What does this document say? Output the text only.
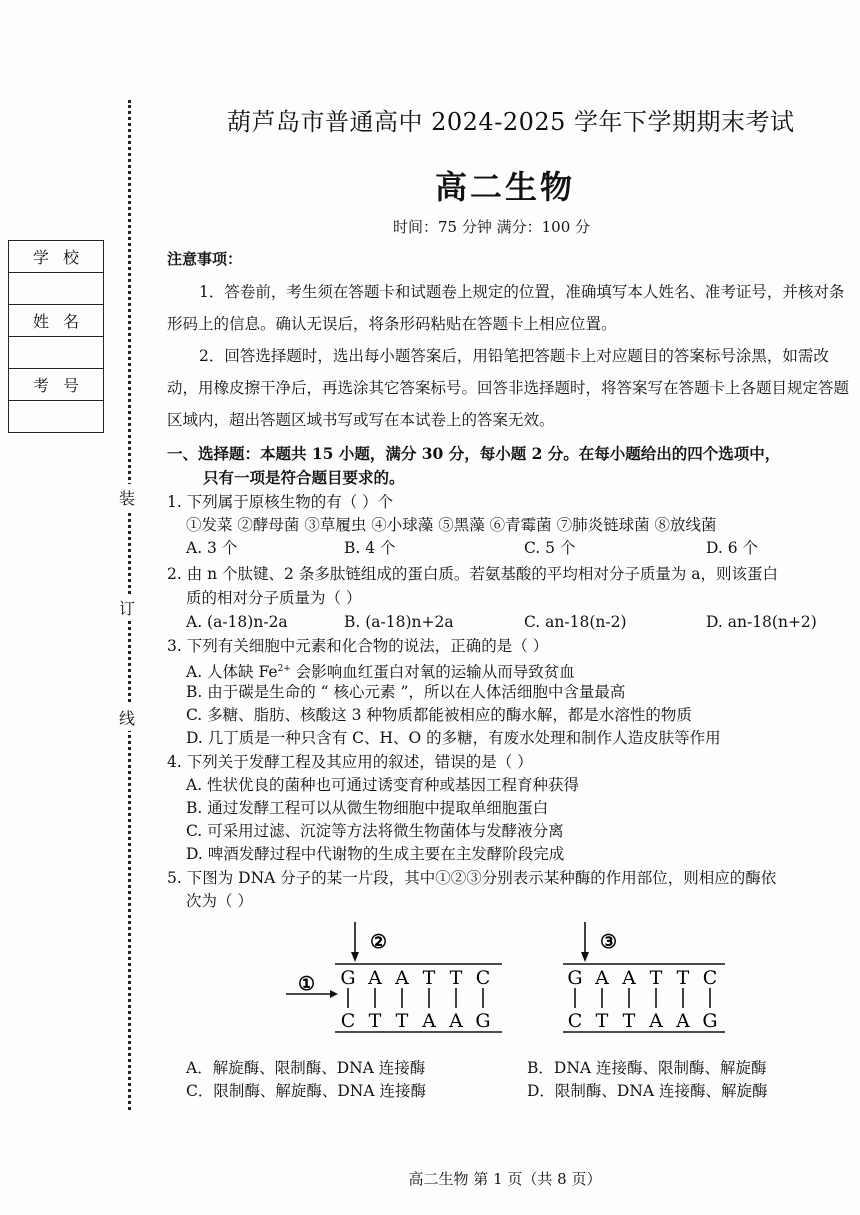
装
订
线
学校

姓名

考号

葫芦岛市普通高中 2024-2025 学年下学期期末考试
高二生物
时间：75 分钟 满分：100 分
注意事项：
1．答卷前，考生须在答题卡和试题卷上规定的位置，准确填写本人姓名、准考证号，并核对条形码上的信息。确认无误后，将条形码粘贴在答题卡上相应位置。
2．回答选择题时，选出每小题答案后，用铅笔把答题卡上对应题目的答案标号涂黑，如需改动，用橡皮擦干净后，再选涂其它答案标号。回答非选择题时，将答案写在答题卡上各题目规定答题区域内，超出答题区域书写或写在本试卷上的答案无效。
一、选择题：本题共 15 小题，满分 30 分，每小题 2 分。在每小题给出的四个选项中，
只有一项是符合题目要求的。
1. 下列属于原核生物的有（ ）个
①发菜 ②酵母菌 ③草履虫 ④小球藻 ⑤黑藻 ⑥青霉菌 ⑦肺炎链球菌 ⑧放线菌
A. 3 个	B. 4 个	C. 5 个	D. 6 个
2. 由 n 个肽键、2 条多肽链组成的蛋白质。若氨基酸的平均相对分子质量为 a，则该蛋白
质的相对分子质量为（ ）
A. (a-18)n-2a	B. (a-18)n+2a	C. an-18(n-2)	D. an-18(n+2)
3. 下列有关细胞中元素和化合物的说法，正确的是（ ）
A. 人体缺 $Fe^{2+}$ 会影响血红蛋白对氧的运输从而导致贫血
B. 由于碳是生命的 “ 核心元素 ”，所以在人体活细胞中含量最高
C. 多糖、脂肪、核酸这 3 种物质都能被相应的酶水解，都是水溶性的物质
D. 几丁质是一种只含有 C、H、O 的多糖，有废水处理和制作人造皮肤等作用
4. 下列关于发酵工程及其应用的叙述，错误的是（ ）
A. 性状优良的菌种也可通过诱变育种或基因工程育种获得
B. 通过发酵工程可以从微生物细胞中提取单细胞蛋白
C. 可采用过滤、沉淀等方法将微生物菌体与发酵液分离
D. 啤酒发酵过程中代谢物的生成主要在主发酵阶段完成
5. 下图为 DNA 分子的某一片段，其中①②③分别表示某种酶的作用部位，则相应的酶依
次为（ ）
②
① G A A T T C
C T T A A G
③
G A A T T C
C T T A A G
A．解旋酶、限制酶、DNA 连接酶	B．DNA 连接酶、限制酶、解旋酶
C．限制酶、解旋酶、DNA 连接酶	D．限制酶、DNA 连接酶、解旋酶
高二生物 第 1 页（共 8 页）
